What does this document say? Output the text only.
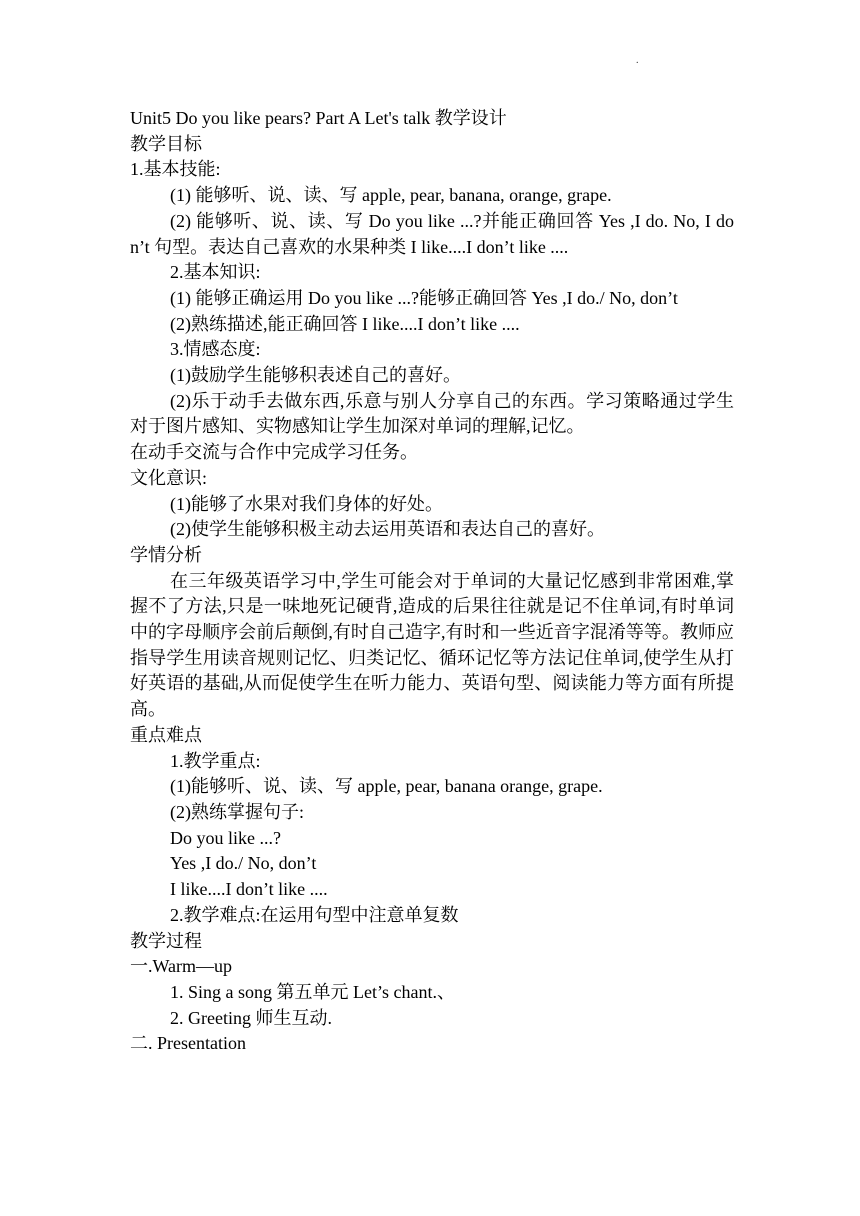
.

Unit5 Do you like pears? Part A Let's talk 教学设计

教学目标

1.基本技能:

(1) 能够听、说、读、写 apple, pear, banana, orange, grape.

(2) 能够听、说、读、写 Do you like ...?并能正确回答 Yes ,I do. No, I don’t 句型。表达自己喜欢的水果种类 I like....I don’t like ....

2.基本知识:

(1) 能够正确运用 Do you like ...?能够正确回答 Yes ,I do./ No, don’t

(2)熟练描述,能正确回答 I like....I don’t like ....

3.情感态度:

(1)鼓励学生能够积表述自己的喜好。

(2)乐于动手去做东西,乐意与别人分享自己的东西。学习策略通过学生对于图片感知、实物感知让学生加深对单词的理解,记忆。

在动手交流与合作中完成学习任务。

文化意识:

(1)能够了水果对我们身体的好处。

(2)使学生能够积极主动去运用英语和表达自己的喜好。

学情分析

在三年级英语学习中,学生可能会对于单词的大量记忆感到非常困难,掌握不了方法,只是一味地死记硬背,造成的后果往往就是记不住单词,有时单词中的字母顺序会前后颠倒,有时自己造字,有时和一些近音字混淆等等。教师应指导学生用读音规则记忆、归类记忆、循环记忆等方法记住单词,使学生从打好英语的基础,从而促使学生在听力能力、英语句型、阅读能力等方面有所提高。

重点难点

1.教学重点:

(1)能够听、说、读、写 apple, pear, banana orange, grape.

(2)熟练掌握句子:

Do you like ...?

Yes ,I do./ No, don’t

I like....I don’t like ....

2.教学难点:在运用句型中注意单复数

教学过程

一.Warm—up

1. Sing a song 第五单元 Let’s chant.、

2. Greeting 师生互动.

二. Presentation
